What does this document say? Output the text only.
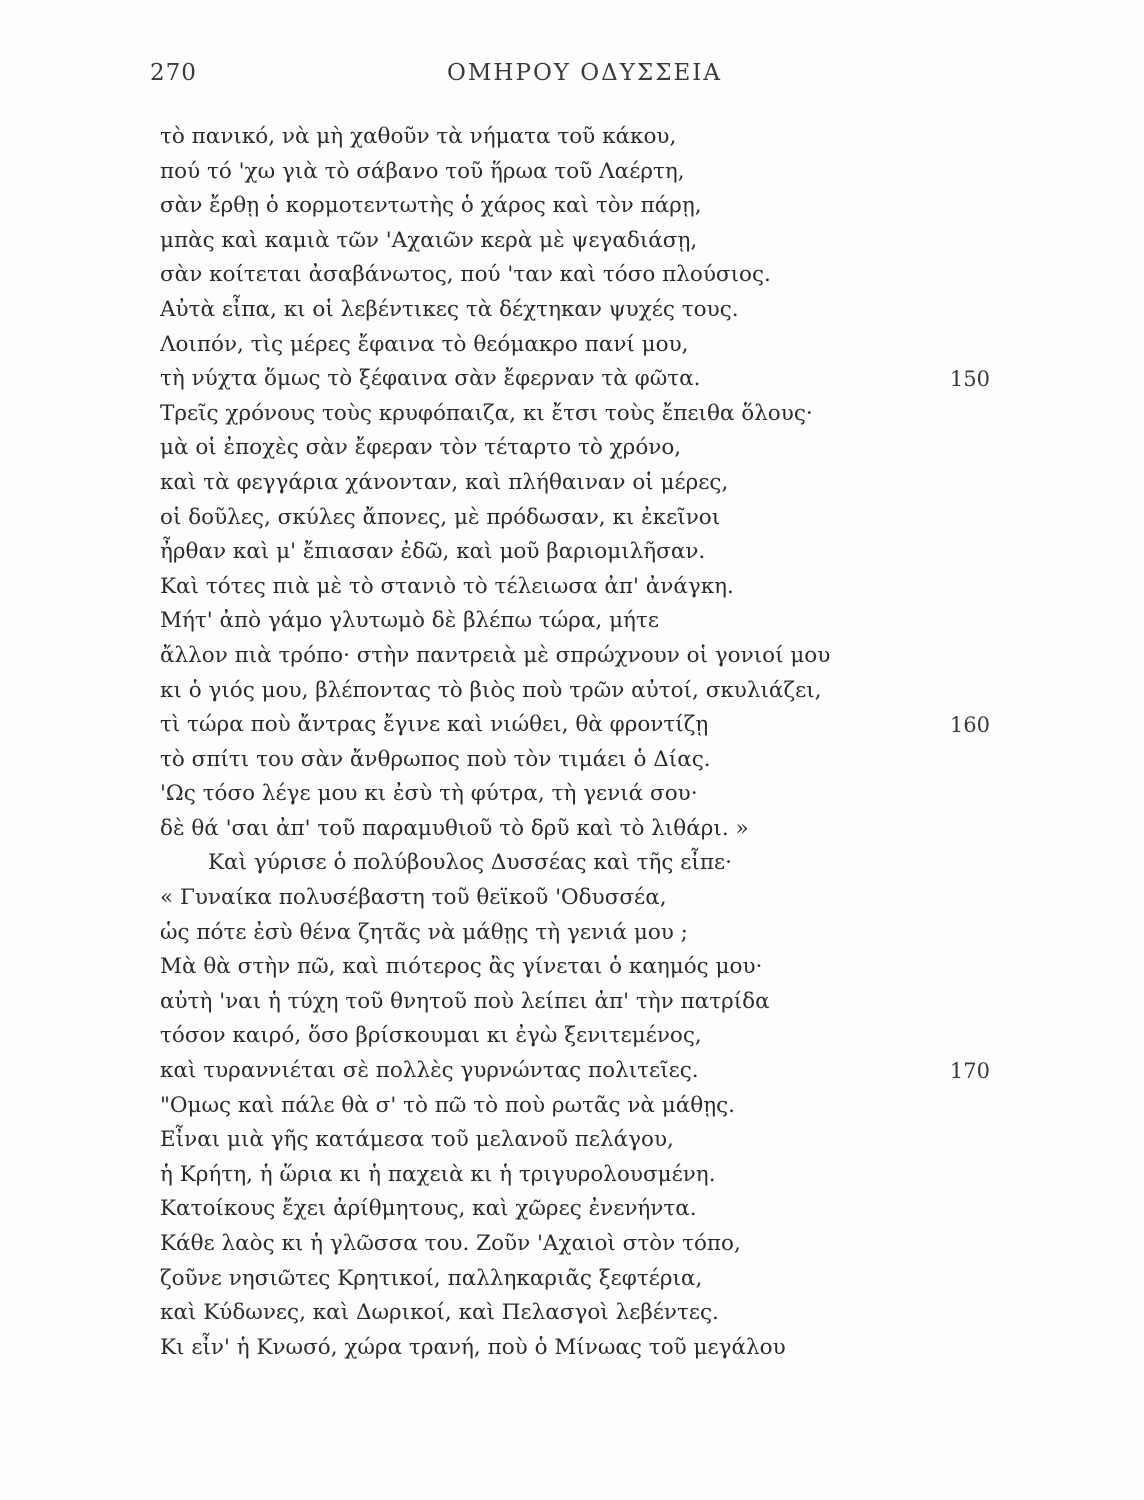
270	ΟΜΗΡΟΥ ΟΔΥΣΣΕΙΑ
τὸ πανικό, νὰ μὴ χαθοῦν τὰ νήματα τοῦ κάκου,
πού τό 'χω γιὰ τὸ σάβανο τοῦ ἥρωα τοῦ Λαέρτη,
σὰν ἔρθῃ ὁ κορμοτεντωτὴς ὁ χάρος καὶ τὸν πάρῃ,
μπὰς καὶ καμιὰ τῶν 'Αχαιῶν κερὰ μὲ ψεγαδιάσῃ,
σὰν κοίτεται ἀσαβάνωτος, πού 'ταν καὶ τόσο πλούσιος.
Αὐτὰ εἶπα, κι οἱ λεβέντικες τὰ δέχτηκαν ψυχές τους.
Λοιπόν, τὶς μέρες ἔφαινα τὸ θεόμακρο πανί μου,
τὴ νύχτα ὅμως τὸ ξέφαινα σὰν ἔφερναν τὰ φῶτα.	150
Τρεῖς χρόνους τοὺς κρυφόπαιζα, κι ἔτσι τοὺς ἔπειθα ὅλους·
μὰ οἱ ἐποχὲς σὰν ἔφεραν τὸν τέταρτο τὸ χρόνο,
καὶ τὰ φεγγάρια χάνονταν, καὶ πλήθαιναν οἱ μέρες,
οἱ δοῦλες, σκύλες ἄπονες, μὲ πρόδωσαν, κι ἐκεῖνοι
ἦρθαν καὶ μ' ἔπιασαν ἐδῶ, καὶ μοῦ βαριομιλῆσαν.
Καὶ τότες πιὰ μὲ τὸ στανιὸ τὸ τέλειωσα ἀπ' ἀνάγκη.
Μήτ' ἀπὸ γάμο γλυτωμὸ δὲ βλέπω τώρα, μήτε
ἄλλον πιὰ τρόπο· στὴν παντρειὰ μὲ σπρώχνουν οἱ γονιοί μου
κι ὁ γιός μου, βλέποντας τὸ βιὸς ποὺ τρῶν αὐτοί, σκυλιάζει,
τὶ τώρα ποὺ ἄντρας ἔγινε καὶ νιώθει, θὰ φροντίζῃ	160
τὸ σπίτι του σὰν ἄνθρωπος ποὺ τὸν τιμάει ὁ Δίας.
'Ως τόσο λέγε μου κι ἐσὺ τὴ φύτρα, τὴ γενιά σου·
δὲ θά 'σαι ἀπ' τοῦ παραμυθιοῦ τὸ δρῦ καὶ τὸ λιθάρι. »
Καὶ γύρισε ὁ πολύβουλος Δυσσέας καὶ τῆς εἶπε·
« Γυναίκα πολυσέβαστη τοῦ θεϊκοῦ 'Οδυσσέα,
ὡς πότε ἐσὺ θένα ζητᾶς νὰ μάθῃς τὴ γενιά μου ;
Μὰ θὰ στὴν πῶ, καὶ πιότερος ἂς γίνεται ὁ καημός μου·
αὐτὴ 'ναι ἡ τύχη τοῦ θνητοῦ ποὺ λείπει ἀπ' τὴν πατρίδα
τόσον καιρό, ὅσο βρίσκουμαι κι ἐγὼ ξενιτεμένος,
καὶ τυραννιέται σὲ πολλὲς γυρνώντας πολιτεῖες.	170
"Ομως καὶ πάλε θὰ σ' τὸ πῶ τὸ ποὺ ρωτᾶς νὰ μάθῃς.
Εἶναι μιὰ γῆς κατάμεσα τοῦ μελανοῦ πελάγου,
ἡ Κρήτη, ἡ ὥρια κι ἡ παχειὰ κι ἡ τριγυρολουσμένη.
Κατοίκους ἔχει ἀρίθμητους, καὶ χῶρες ἐνενήντα.
Κάθε λαὸς κι ἡ γλῶσσα του. Ζοῦν 'Αχαιοὶ στὸν τόπο,
ζοῦνε νησιῶτες Κρητικοί, παλληκαριᾶς ξεφτέρια,
καὶ Κύδωνες, καὶ Δωρικοί, καὶ Πελασγοὶ λεβέντες.
Κι εἶν' ἡ Κνωσό, χώρα τρανή, ποὺ ὁ Μίνωας τοῦ μεγάλου
